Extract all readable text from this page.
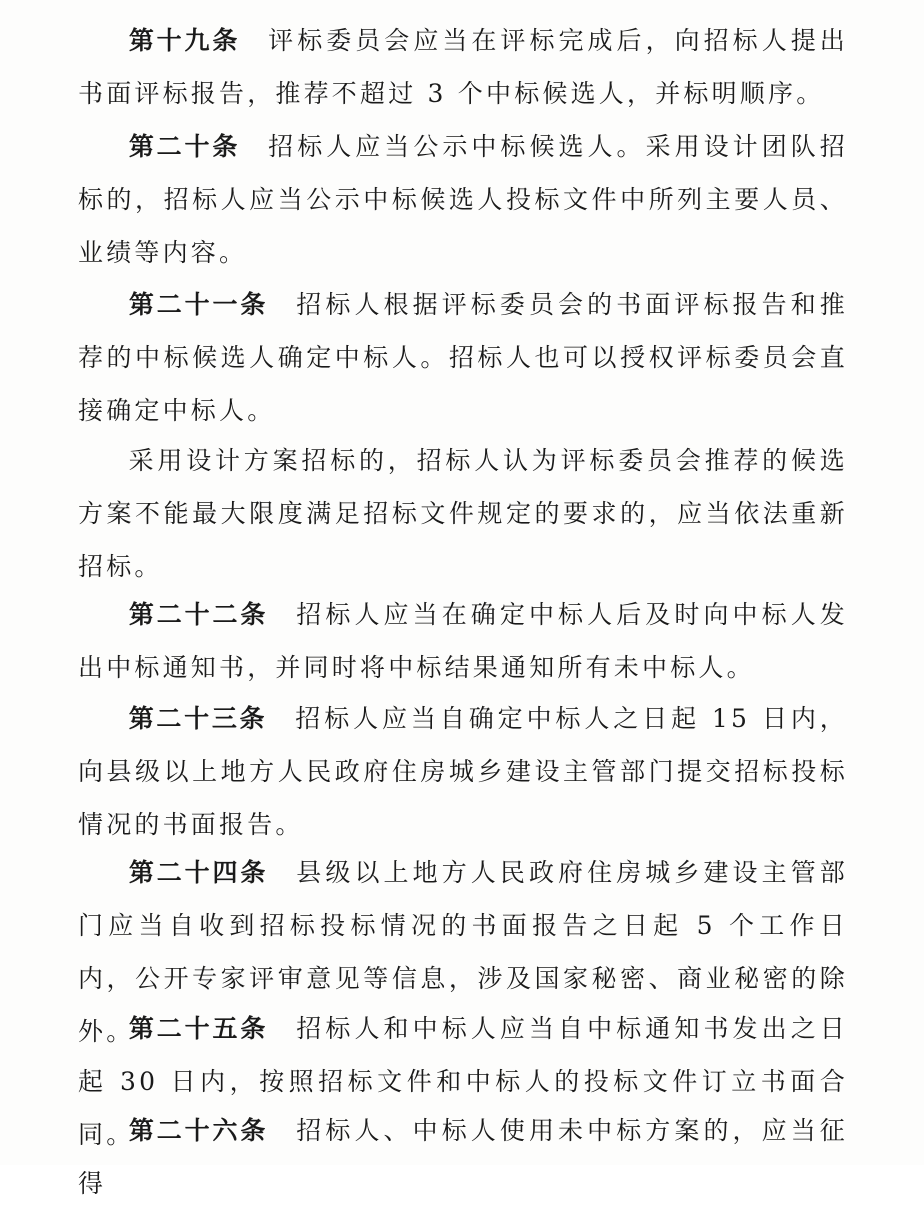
第十九条 评标委员会应当在评标完成后，向招标人提出书面评标报告，推荐不超过 3 个中标候选人，并标明顺序。

第二十条 招标人应当公示中标候选人。采用设计团队招标的，招标人应当公示中标候选人投标文件中所列主要人员、业绩等内容。

第二十一条 招标人根据评标委员会的书面评标报告和推荐的中标候选人确定中标人。招标人也可以授权评标委员会直接确定中标人。

采用设计方案招标的，招标人认为评标委员会推荐的候选方案不能最大限度满足招标文件规定的要求的，应当依法重新招标。

第二十二条 招标人应当在确定中标人后及时向中标人发出中标通知书，并同时将中标结果通知所有未中标人。

第二十三条 招标人应当自确定中标人之日起 15 日内，向县级以上地方人民政府住房城乡建设主管部门提交招标投标情况的书面报告。

第二十四条 县级以上地方人民政府住房城乡建设主管部门应当自收到招标投标情况的书面报告之日起 5 个工作日内，公开专家评审意见等信息，涉及国家秘密、商业秘密的除外。

第二十五条 招标人和中标人应当自中标通知书发出之日起 30 日内，按照招标文件和中标人的投标文件订立书面合同。

第二十六条 招标人、中标人使用未中标方案的，应当征得
